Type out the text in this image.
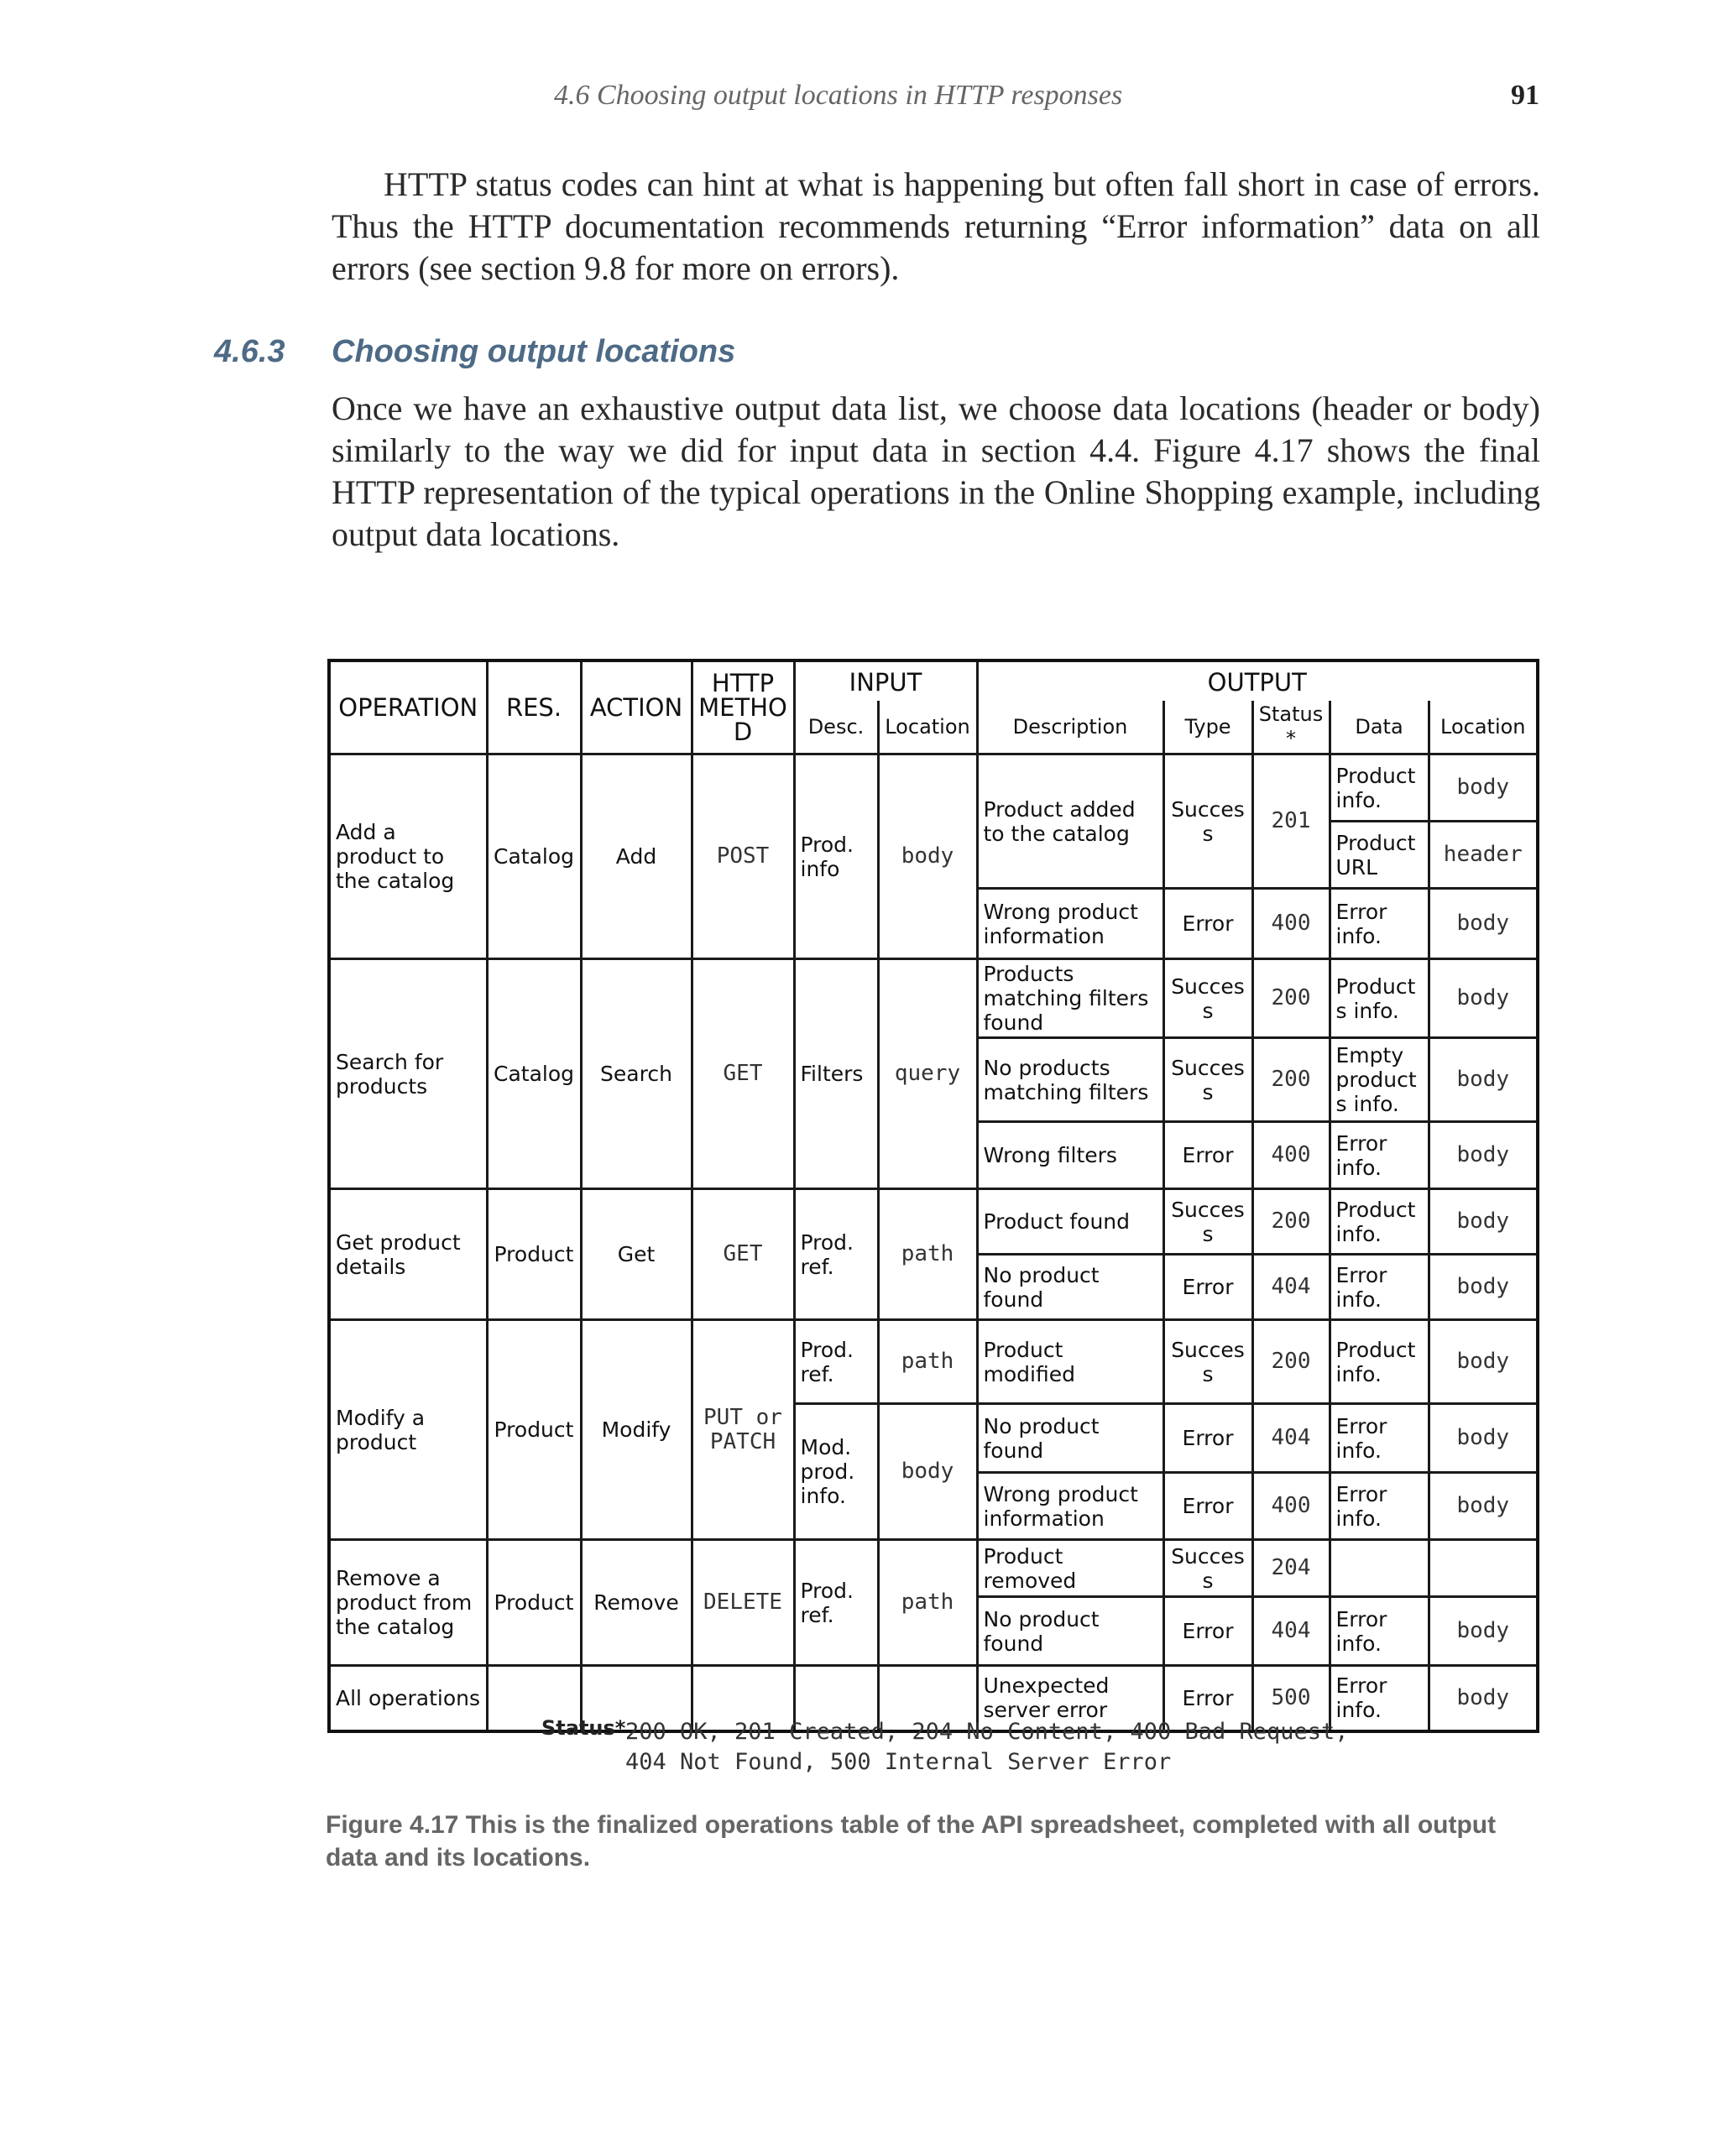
4.6 Choosing output locations in HTTP responses	91

HTTP status codes can hint at what is happening but often fall short in case of errors. Thus the HTTP documentation recommends returning “Error information” data on all errors (see section 9.8 for more on errors).

4.6.3 Choosing output locations

Once we have an exhaustive output data list, we choose data locations (header or body) similarly to the way we did for input data in section 4.4. Figure 4.17 shows the final HTTP representation of the typical operations in the Online Shopping example, including output data locations.

OPERATION	RES.	ACTION	HTTP METHOD	INPUT		OUTPUT				
				Desc.	Location	Description	Type	Status*	Data	Location
Add a product to the catalog	Catalog	Add	POST	Prod. info	body	Product added to the catalog	Success	201	Product info.	body
									Product URL	header
						Wrong product information	Error	400	Error info.	body
Search for products	Catalog	Search	GET	Filters	query	Products matching filters found	Success	200	Products info.	body
						No products matching filters	Success	200	Empty products info.	body
						Wrong filters	Error	400	Error info.	body
Get product details	Product	Get	GET	Prod. ref.	path	Product found	Success	200	Product info.	body
						No product found	Error	404	Error info.	body
Modify a product	Product	Modify	PUT or PATCH	Prod. ref.	path	Product modified	Success	200	Product info.	body
				Mod. prod. info.	body	No product found	Error	404	Error info.	body
						Wrong product information	Error	400	Error info.	body
Remove a product from the catalog	Product	Remove	DELETE	Prod. ref.	path	Product removed	Success	204		
						No product found	Error	404	Error info.	body
All operations						Unexpected server error	Error	500	Error info.	body
Status* 200 OK, 201 Created, 204 No Content, 400 Bad Request,
404 Not Found, 500 Internal Server Error

Figure 4.17 This is the finalized operations table of the API spreadsheet, completed with all output data and its locations.
